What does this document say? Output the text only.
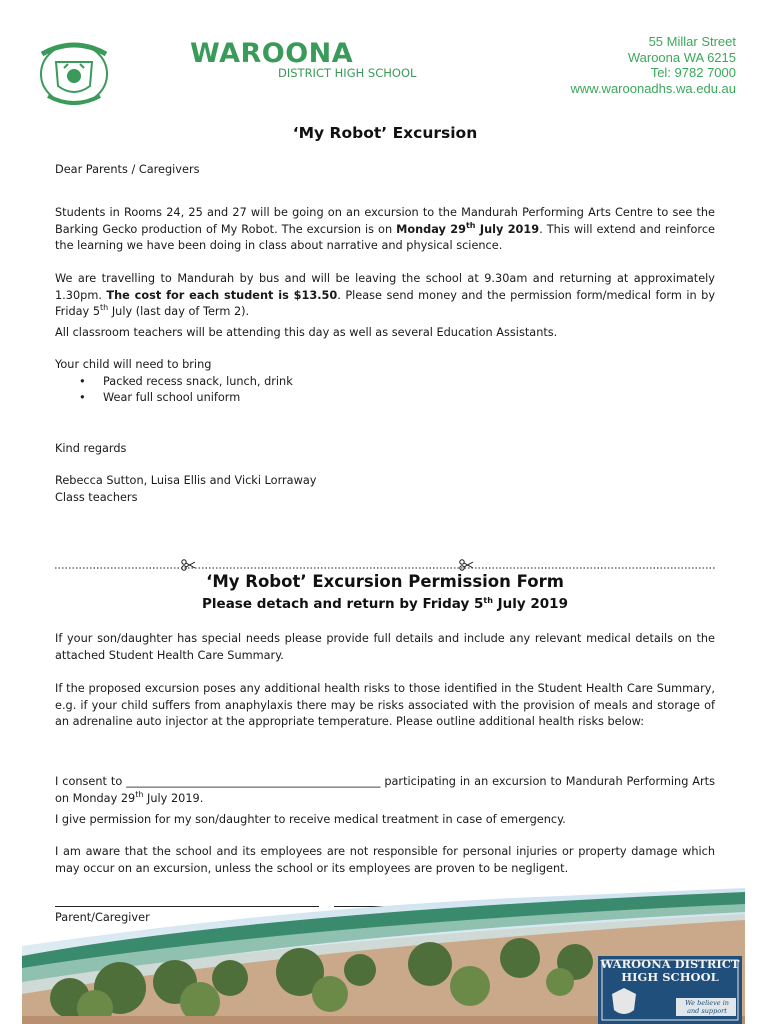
WAROONA
DISTRICT HIGH SCHOOL
55 Millar Street
Waroona WA 6215
Tel: 9782 7000
www.waroonadhs.wa.edu.au
‘My Robot’ Excursion
Dear Parents / Caregivers

Students in Rooms 24, 25 and 27 will be going on an excursion to the Mandurah Performing Arts Centre to see the Barking Gecko production of My Robot. The excursion is on Monday 29th July 2019. This will extend and reinforce the learning we have been doing in class about narrative and physical science.

We are travelling to Mandurah by bus and will be leaving the school at 9.30am and returning at approximately 1.30pm. The cost for each student is $13.50. Please send money and the permission form/medical form in by Friday 5th July (last day of Term 2).

All classroom teachers will be attending this day as well as several Education Assistants.
Your child will need to bring
• Packed recess snack, lunch, drink
• Wear full school uniform
Kind regards
Rebecca Sutton, Luisa Ellis and Vicki Lorraway
Class teachers
‘My Robot’ Excursion Permission Form
Please detach and return by Friday 5th July 2019
If your son/daughter has special needs please provide full details and include any relevant medical details on the attached Student Health Care Summary.
If the proposed excursion poses any additional health risks to those identified in the Student Health Care Summary, e.g. if your child suffers from anaphylaxis there may be risks associated with the provision of meals and storage of an adrenaline auto injector at the appropriate temperature. Please outline additional health risks below:

I consent to _____________________________________________ participating in an excursion to Mandurah Performing Arts on Monday 29th July 2019.

I give permission for my son/daughter to receive medical treatment in case of emergency.
I am aware that the school and its employees are not responsible for personal injuries or property damage which may occur on an excursion, unless the school or its employees are proven to be negligent.
Parent/Caregiver
WAROONA DISTRICT
HIGH SCHOOL
We believe in and support
